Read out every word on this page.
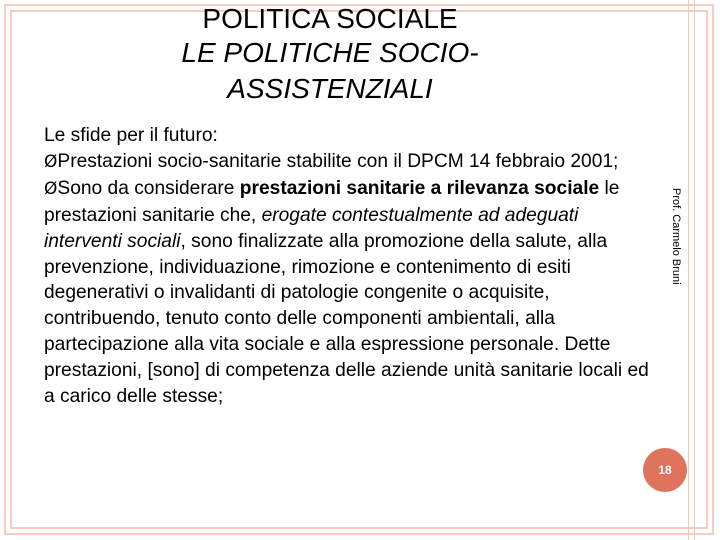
POLITICA SOCIALE
LE POLITICHE SOCIO-
ASSISTENZIALI

Le sfide per il futuro:

ØPrestazioni socio-sanitarie stabilite con il DPCM 14 febbraio 2001;

ØSono da considerare prestazioni sanitarie a rilevanza sociale le prestazioni sanitarie che, erogate contestualmente ad adeguati interventi sociali, sono finalizzate alla promozione della salute, alla prevenzione, individuazione, rimozione e contenimento di esiti degenerativi o invalidanti di patologie congenite o acquisite, contribuendo, tenuto conto delle componenti ambientali, alla partecipazione alla vita sociale e alla espressione personale. Dette prestazioni, [sono] di competenza delle aziende unità sanitarie locali ed a carico delle stesse;

Prof. Carmelo Bruni
18
